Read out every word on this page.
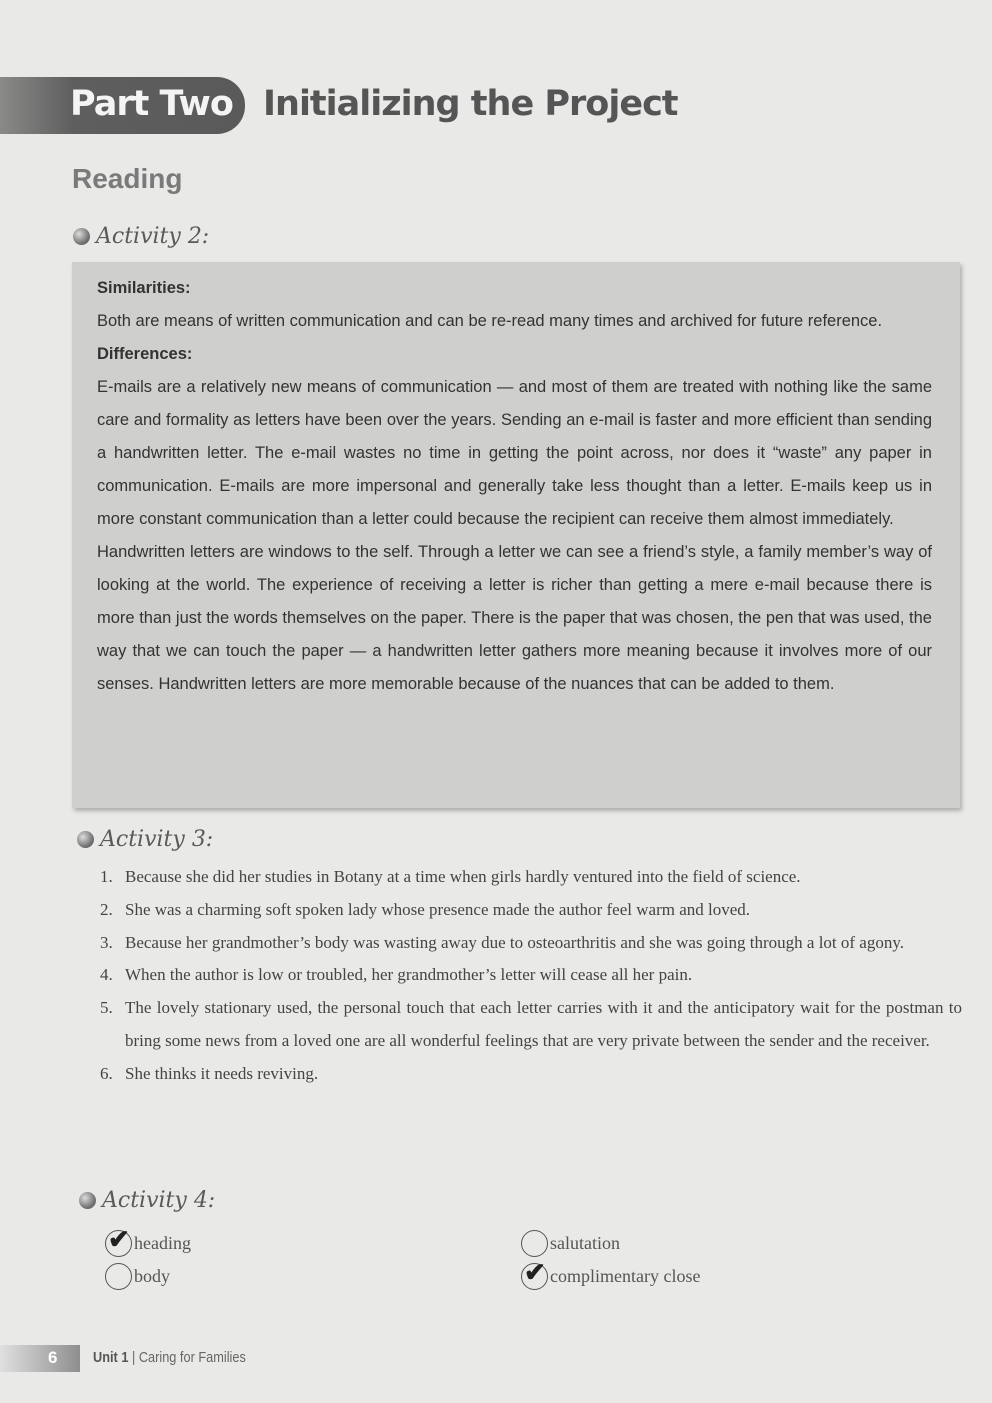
Part Two Initializing the Project
Reading
Activity 2:

Similarities:

Both are means of written communication and can be re-read many times and archived for future reference.

Differences:

E-mails are a relatively new means of communication — and most of them are treated with nothing like the same care and formality as letters have been over the years. Sending an e-mail is faster and more efficient than sending a handwritten letter. The e-mail wastes no time in getting the point across, nor does it “waste” any paper in communication. E-mails are more impersonal and generally take less thought than a letter. E-mails keep us in more constant communication than a letter could because the recipient can receive them almost immediately.

Handwritten letters are windows to the self. Through a letter we can see a friend’s style, a family member’s way of looking at the world. The experience of receiving a letter is richer than getting a mere e-mail because there is more than just the words themselves on the paper. There is the paper that was chosen, the pen that was used, the way that we can touch the paper — a handwritten letter gathers more meaning because it involves more of our senses. Handwritten letters are more memorable because of the nuances that can be added to them.

Activity 3:
1. Because she did her studies in Botany at a time when girls hardly ventured into the field of science.
2. She was a charming soft spoken lady whose presence made the author feel warm and loved.
3. Because her grandmother’s body was wasting away due to osteoarthritis and she was going through a lot of agony.
4. When the author is low or troubled, her grandmother’s letter will cease all her pain.
5. The lovely stationary used, the personal touch that each letter carries with it and the anticipatory wait for the postman to bring some news from a loved one are all wonderful feelings that are very private between the sender and the receiver.
6. She thinks it needs reviving.
Activity 4:
✔ heading
body
salutation
✔ complimentary close
6 Unit 1 | Caring for Families
